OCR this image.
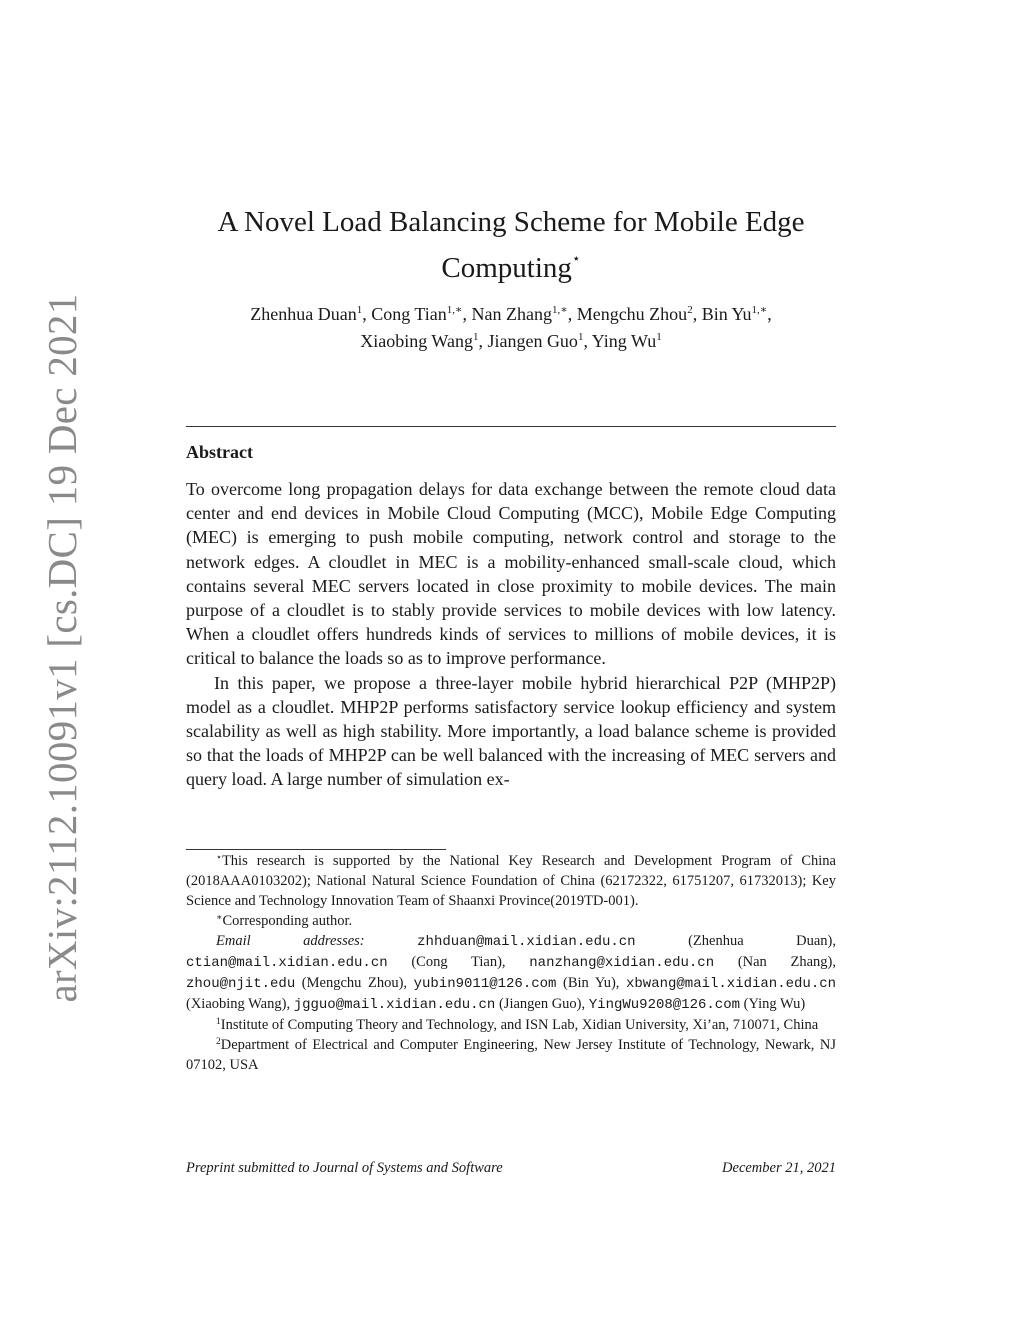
arXiv:2112.10091v1 [cs.DC] 19 Dec 2021
A Novel Load Balancing Scheme for Mobile Edge
Computing⋆
Zhenhua Duan$^1$, Cong Tian$^{1,∗}$, Nan Zhang$^{1,∗}$, Mengchu Zhou$^2$, Bin $Yu^{1,∗}$,
Xiaobing Wang$^1$, Jiangen Guo$^1$, Ying Wu$^1$
Abstract

To overcome long propagation delays for data exchange between the remote cloud data center and end devices in Mobile Cloud Computing (MCC), Mobile Edge Computing (MEC) is emerging to push mobile computing, network control and storage to the network edges. A cloudlet in MEC is a mobility-enhanced small-scale cloud, which contains several MEC servers located in close proximity to mobile devices. The main purpose of a cloudlet is to stably provide services to mobile devices with low latency. When a cloudlet offers hundreds kinds of services to millions of mobile devices, it is critical to balance the loads so as to improve performance.

In this paper, we propose a three-layer mobile hybrid hierarchical P2P (MHP2P) model as a cloudlet. MHP2P performs satisfactory service lookup efficiency and system scalability as well as high stability. More importantly, a load balance scheme is provided so that the loads of MHP2P can be well balanced with the increasing of MEC servers and query load. A large number of simulation ex-

⋆This research is supported by the National Key Research and Development Program of China (2018AAA0103202); National Natural Science Foundation of China (62172322, 61751207, 61732013); Key Science and Technology Innovation Team of Shaanxi Province(2019TD-001).

∗Corresponding author.

Email addresses:	zhhduan@mail.xidian.edu.cn (Zhenhua Duan), ctian@mail.xidian.edu.cn (Cong Tian), nanzhang@xidian.edu.cn (Nan Zhang), zhou@njit.edu (Mengchu Zhou), yubin9011@126.com (Bin Yu), xbwang@mail.xidian.edu.cn (Xiaobing Wang), jgguo@mail.xidian.edu.cn (Jiangen Guo), YingWu9208@126.com (Ying Wu)

$^1$Institute of Computing Theory and Technology, and ISN Lab, Xidian University, Xi’an, 710071, China

$^2$Department of Electrical and Computer Engineering, New Jersey Institute of Technology, Newark, NJ 07102, USA

Preprint submitted to Journal of Systems and Software	December 21, 2021
